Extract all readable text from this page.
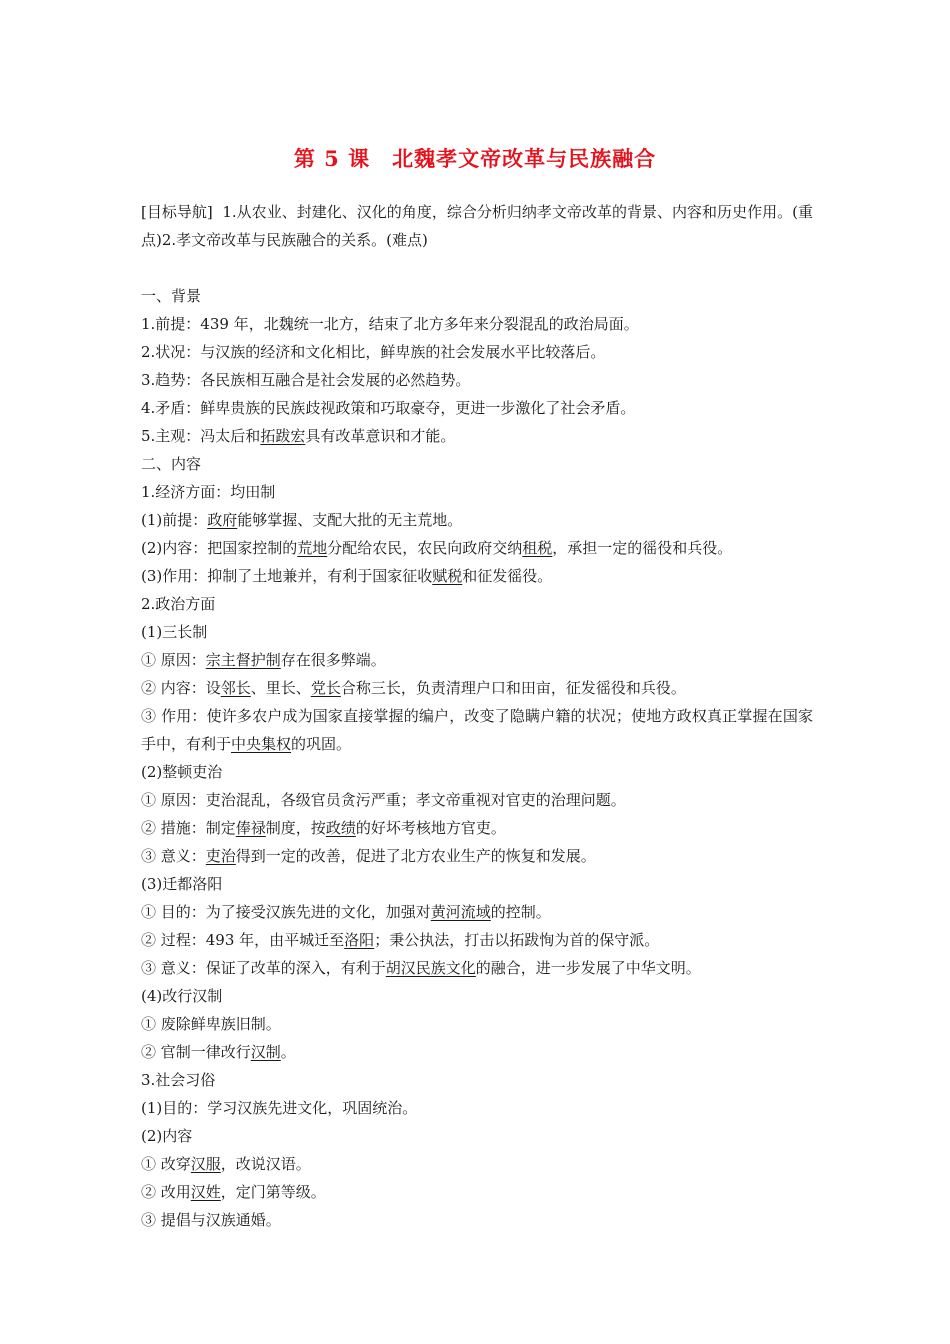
第 5 课　北魏孝文帝改革与民族融合

[目标导航]  1.从农业、封建化、汉化的角度，综合分析归纳孝文帝改革的背景、内容和历史作用。(重点)2.孝文帝改革与民族融合的关系。(难点)

一、背景

1.前提：439 年，北魏统一北方，结束了北方多年来分裂混乱的政治局面。

2.状况：与汉族的经济和文化相比，鲜卑族的社会发展水平比较落后。

3.趋势：各民族相互融合是社会发展的必然趋势。

4.矛盾：鲜卑贵族的民族歧视政策和巧取豪夺，更进一步激化了社会矛盾。

5.主观：冯太后和拓跋宏具有改革意识和才能。

二、内容

1.经济方面：均田制

(1)前提：政府能够掌握、支配大批的无主荒地。

(2)内容：把国家控制的荒地分配给农民，农民向政府交纳租税，承担一定的徭役和兵役。

(3)作用：抑制了土地兼并，有利于国家征收赋税和征发徭役。

2.政治方面

(1)三长制

① 原因：宗主督护制存在很多弊端。

② 内容：设邻长、里长、党长合称三长，负责清理户口和田亩，征发徭役和兵役。

③ 作用：使许多农户成为国家直接掌握的编户，改变了隐瞒户籍的状况；使地方政权真正掌握在国家手中，有利于中央集权的巩固。

(2)整顿吏治

① 原因：吏治混乱，各级官员贪污严重；孝文帝重视对官吏的治理问题。

② 措施：制定俸禄制度，按政绩的好坏考核地方官吏。

③ 意义：吏治得到一定的改善，促进了北方农业生产的恢复和发展。

(3)迁都洛阳

① 目的：为了接受汉族先进的文化，加强对黄河流域的控制。

② 过程：493 年，由平城迁至洛阳；秉公执法，打击以拓跋恂为首的保守派。

③ 意义：保证了改革的深入，有利于胡汉民族文化的融合，进一步发展了中华文明。

(4)改行汉制

① 废除鲜卑族旧制。

② 官制一律改行汉制。

3.社会习俗

(1)目的：学习汉族先进文化，巩固统治。

(2)内容

① 改穿汉服，改说汉语。

② 改用汉姓，定门第等级。

③ 提倡与汉族通婚。
